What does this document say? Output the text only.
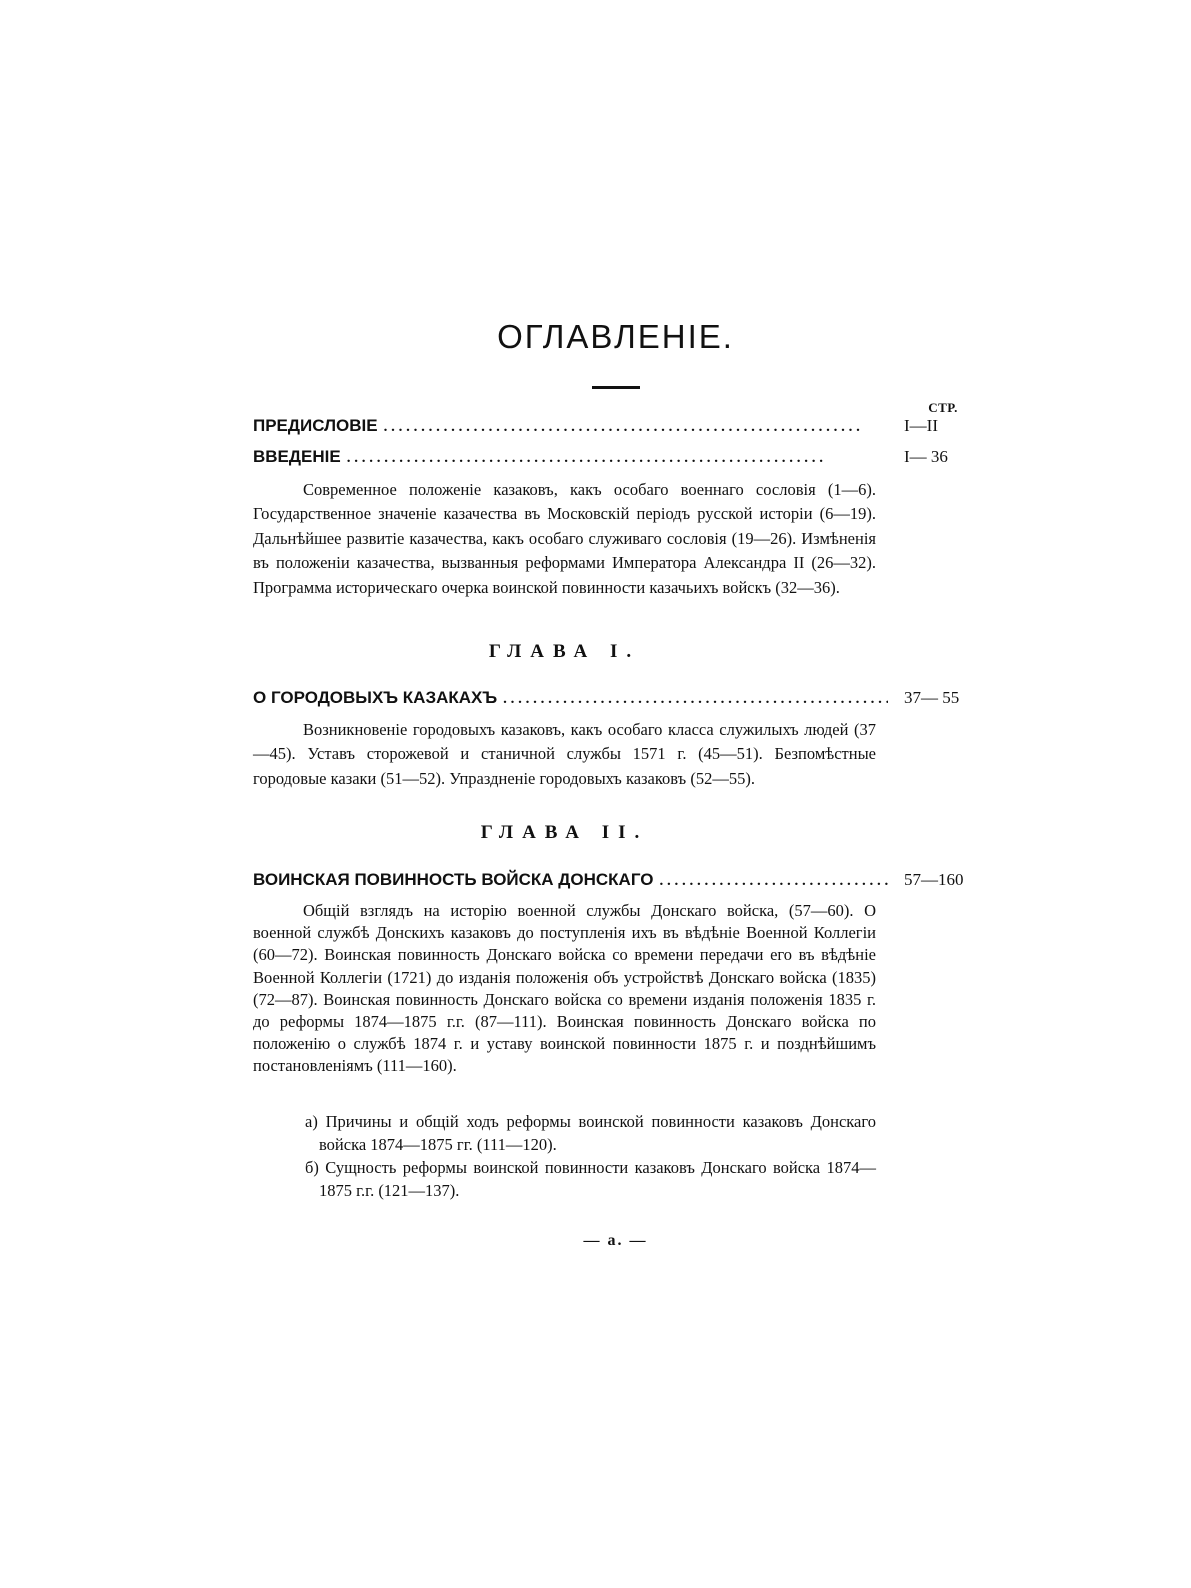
ОГЛАВЛЕНІЕ.
СТР.
ПРЕДИСЛОВІЕ . . .	I—II
ВВЕДЕНІЕ . . .	I— 36
Современное положеніе казаковъ, какъ особаго военнаго сословія (1—6). Государственное значеніе казачества въ Московскій періодъ русской исторіи (6—19). Дальнѣйшее развитіе казачества, какъ особаго служиваго сословія (19—26). Измѣненія въ положеніи казачества, вызванныя реформами Императора Александра II (26—32). Программа историческаго очерка воинской повинности казачьихъ войскъ (32—36).
ГЛАВА I.
О ГОРОДОВЫХЪ КАЗАКАХЪ . . .	37— 55
Возникновеніе городовыхъ казаковъ, какъ особаго класса служилыхъ людей (37—45). Уставъ сторожевой и станичной службы 1571 г. (45—51). Безпомѣстные городовые казаки (51—52). Упраздненіе городовыхъ казаковъ (52—55).
ГЛАВА II.
ВОИНСКАЯ ПОВИННОСТЬ ВОЙСКА ДОНСКАГО . . .	57—160
Общій взглядъ на исторію военной службы Донскаго войска, (57—60). О военной службѣ Донскихъ казаковъ до поступленія ихъ въ вѣдѣніе Военной Коллегіи (60—72). Воинская повинность Донскаго войска со времени передачи его въ вѣдѣніе Военной Коллегіи (1721) до изданія положенія объ устройствѣ Донскаго войска (1835) (72—87). Воинская повинность Донскаго войска со времени изданія положенія 1835 г. до реформы 1874—1875 г.г. (87—111). Воинская повинность Донскаго войска по положенію о службѣ 1874 г. и уставу воинской повинности 1875 г. и позднѣйшимъ постановленіямъ (111—160).
а) Причины и общій ходъ реформы воинской повинности казаковъ Донскаго войска 1874—1875 гг. (111—120).
б) Сущность реформы воинской повинности казаковъ Донскаго войска 1874—1875 г.г. (121—137).
— а. —
